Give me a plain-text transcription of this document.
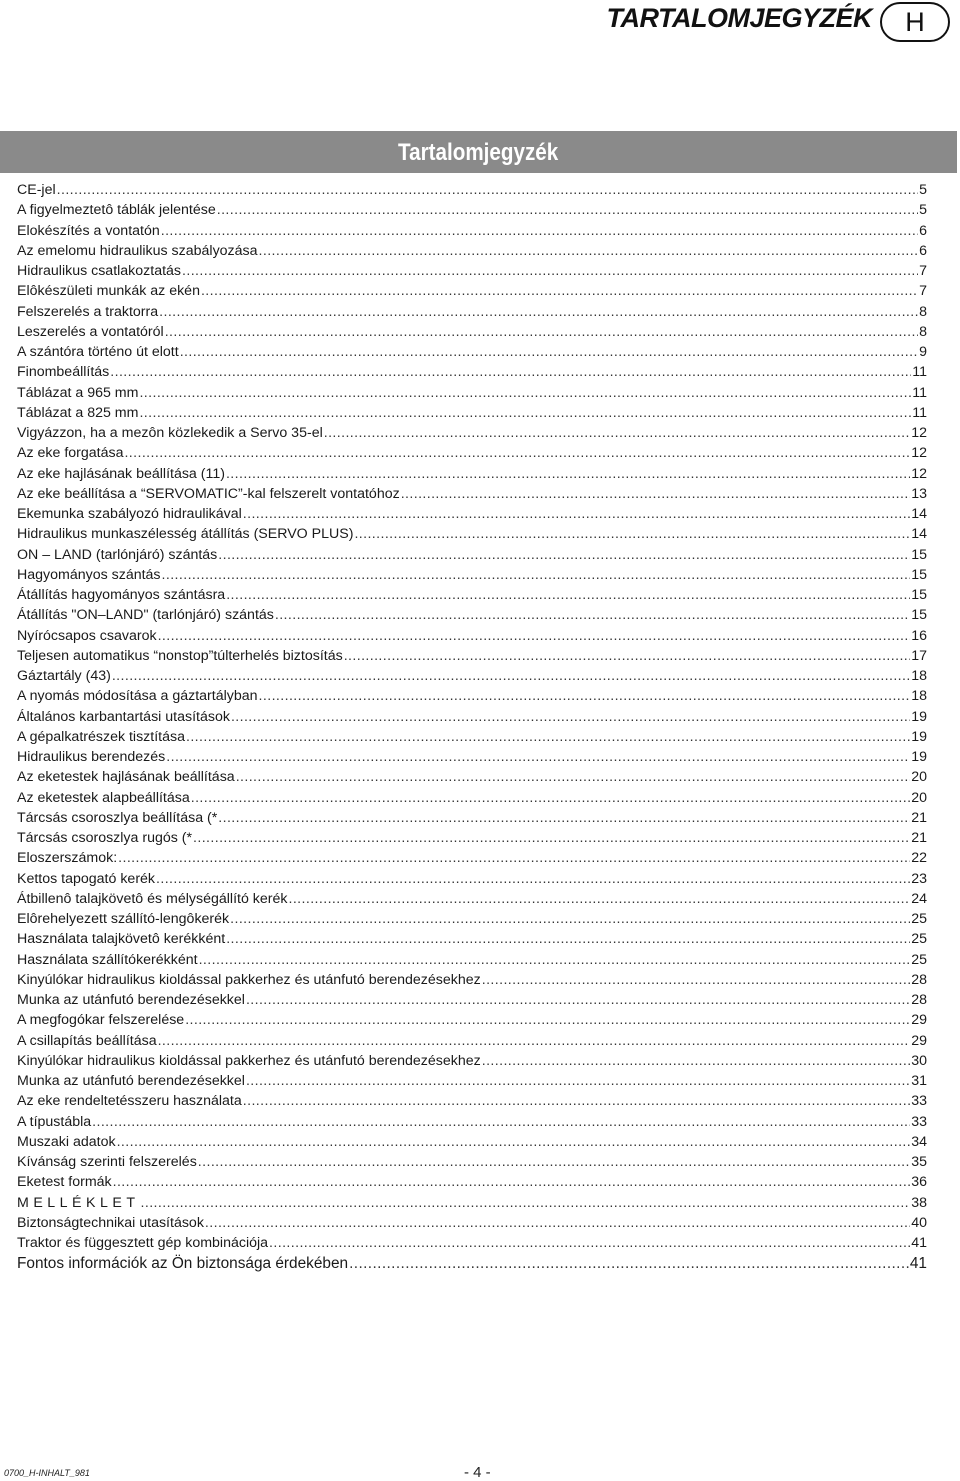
TARTALOMJEGYZÉK	H
Tartalomjegyzék
CE-jel .....	5
A figyelmeztetô táblák jelentése .....	5
Elokészítés a vontatón .....	6
Az emelomu hidraulikus szabályozása .....	6
Hidraulikus csatlakoztatás .....	7
Elôkészületi munkák az ekén .....	7
Felszerelés a traktorra .....	8
Leszerelés a vontatóról .....	8
A szántóra történo út elott .....	9
Finombeállítás .....	11
Táblázat a 965 mm .....	11
Táblázat a 825 mm .....	11
Vigyázzon, ha a mezôn közlekedik a Servo 35-el .....	12
Az eke forgatása .....	12
Az eke hajlásának beállítása (11) .....	12
Az eke beállítása a “SERVOMATIC”-kal felszerelt vontatóhoz .....	13
Ekemunka szabályozó hidraulikával .....	14
Hidraulikus munkaszélesség átállítás (SERVO PLUS) .....	14
ON – LAND (tarlónjáró) szántás .....	15
Hagyományos szántás .....	15
Átállítás hagyományos szántásra .....	15
Átállítás "ON–LAND" (tarlónjáró) szántás .....	15
Nyírócsapos csavarok .....	16
Teljesen automatikus “nonstop”túlterhelés biztosítás .....	17
Gáztartály (43) .....	18
A nyomás módosítása a gáztartályban .....	18
Általános karbantartási utasítások .....	19
A gépalkatrészek tisztítása .....	19
Hidraulikus berendezés .....	19
Az eketestek hajlásának beállítása .....	20
Az eketestek alapbeállítása .....	20
Tárcsás csoroszlya beállítása (* .....	21
Tárcsás csoroszlya rugós (* .....	21
Eloszerszámok: .....	22
Kettos tapogató kerék .....	23
Átbillenô talajkövetô és mélységállító kerék .....	24
Elôrehelyezett szállító-lengôkerék .....	25
Használata talajkövetô kerékként .....	25
Használata szállítókerékként .....	25
Kinyúlókar hidraulikus kioldással pakkerhez és utánfutó berendezésekhez .....	28
Munka az utánfutó berendezésekkel .....	28
A megfogókar felszerelése .....	29
A csillapítás beállítása .....	29
Kinyúlókar hidraulikus kioldással pakkerhez és utánfutó berendezésekhez .....	30
Munka az utánfutó berendezésekkel .....	31
Az eke rendeltetésszeru használata .....	33
A típustábla .....	33
Muszaki adatok .....	34
Kívánság szerinti felszerelés .....	35
Eketest formák .....	36
MELLÉKLET .....	38
Biztonságtechnikai utasítások .....	40
Traktor és függesztett gép kombinációja .....	41
Fontos információk az Ön biztonsága érdekében .....	41
0700_H-INHALT_981	- 4 -
